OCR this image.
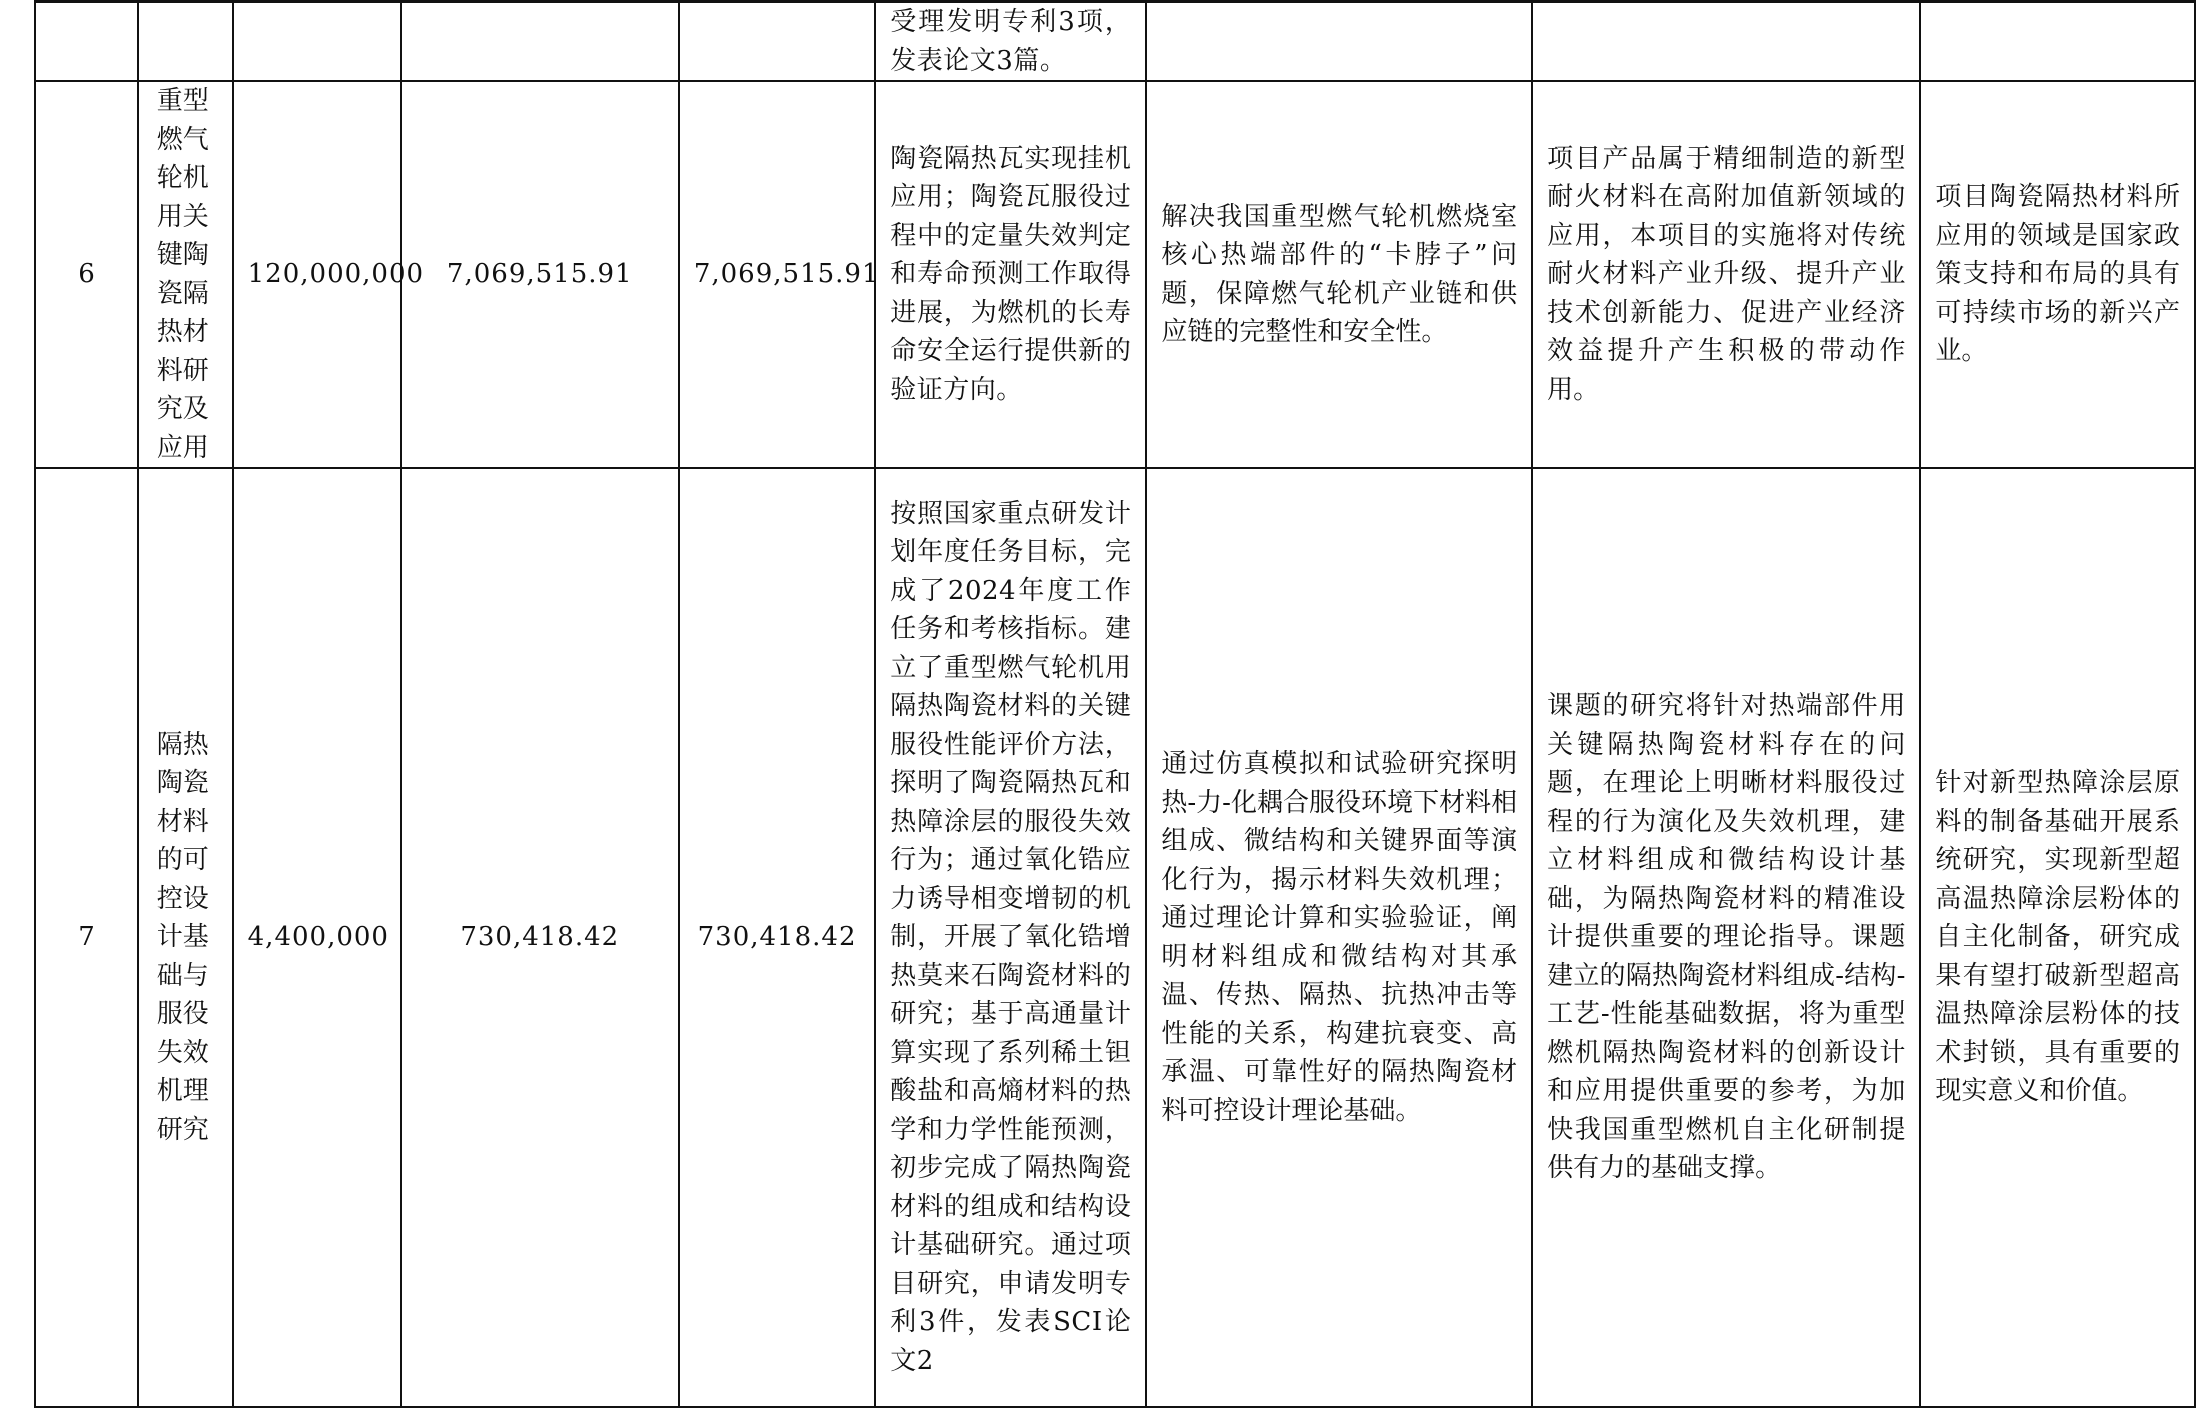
					受理发明专利3项，发表论文3篇。			

6	重型燃气轮机用关键陶瓷隔热材料研究及应用	120,000,000	7,069,515.91	7,069,515.91	陶瓷隔热瓦实现挂机应用；陶瓷瓦服役过程中的定量失效判定和寿命预测工作取得进展，为燃机的长寿命安全运行提供新的验证方向。	解决我国重型燃气轮机燃烧室核心热端部件的“卡脖子”问题，保障燃气轮机产业链和供应链的完整性和安全性。	项目产品属于精细制造的新型耐火材料在高附加值新领域的应用，本项目的实施将对传统耐火材料产业升级、提升产业技术创新能力、促进产业经济效益提升产生积极的带动作用。	项目陶瓷隔热材料所应用的领域是国家政策支持和布局的具有可持续市场的新兴产业。

7	隔热陶瓷材料的可控设计基础与服役失效机理研究	4,400,000	730,418.42	730,418.42	按照国家重点研发计划年度任务目标，完成了2024年度工作任务和考核指标。建立了重型燃气轮机用隔热陶瓷材料的关键服役性能评价方法，探明了陶瓷隔热瓦和热障涂层的服役失效行为；通过氧化锆应力诱导相变增韧的机制，开展了氧化锆增热莫来石陶瓷材料的研究；基于高通量计算实现了系列稀土钽酸盐和高熵材料的热学和力学性能预测，初步完成了隔热陶瓷材料的组成和结构设计基础研究。通过项目研究，申请发明专利3件，发表SCI论文2	通过仿真模拟和试验研究探明热-力-化耦合服役环境下材料相组成、微结构和关键界面等演化行为，揭示材料失效机理；通过理论计算和实验验证，阐明材料组成和微结构对其承温、传热、隔热、抗热冲击等性能的关系，构建抗衰变、高承温、可靠性好的隔热陶瓷材料可控设计理论基础。	课题的研究将针对热端部件用关键隔热陶瓷材料存在的问题，在理论上明晰材料服役过程的行为演化及失效机理，建立材料组成和微结构设计基础，为隔热陶瓷材料的精准设计提供重要的理论指导。课题建立的隔热陶瓷材料组成-结构-工艺-性能基础数据，将为重型燃机隔热陶瓷材料的创新设计和应用提供重要的参考，为加快我国重型燃机自主化研制提供有力的基础支撑。	针对新型热障涂层原料的制备基础开展系统研究，实现新型超高温热障涂层粉体的自主化制备，研究成果有望打破新型超高温热障涂层粉体的技术封锁，具有重要的现实意义和价值。
